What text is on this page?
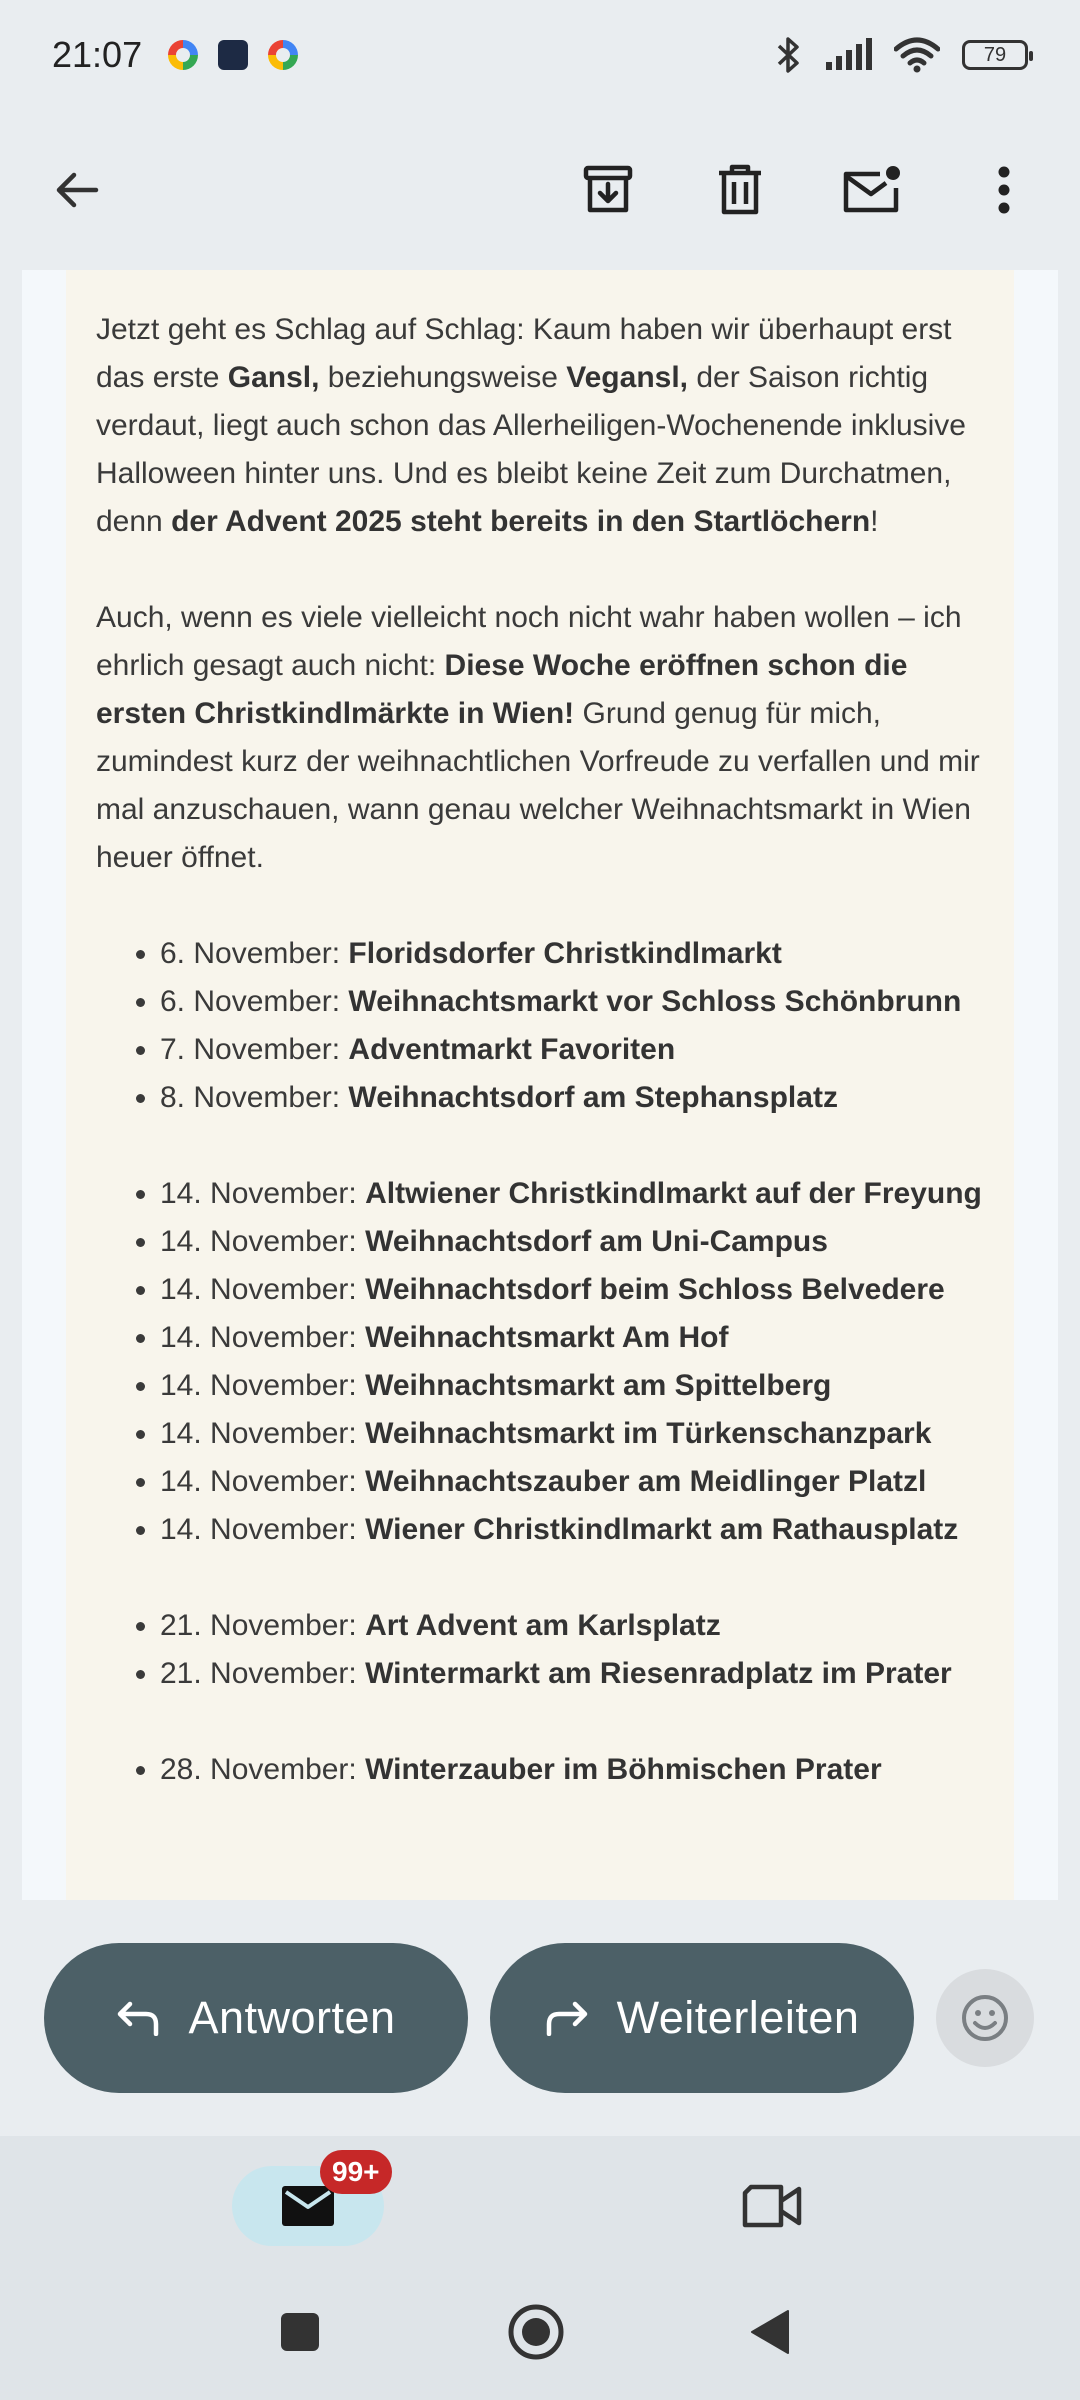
21:07	79

Jetzt geht es Schlag auf Schlag: Kaum haben wir überhaupt erst das erste Gansl, beziehungsweise Vegansl, der Saison richtig verdaut, liegt auch schon das Allerheiligen-Wochenende inklusive Halloween hinter uns. Und es bleibt keine Zeit zum Durchatmen, denn der Advent 2025 steht bereits in den Startlöchern!

Auch, wenn es viele vielleicht noch nicht wahr haben wollen – ich ehrlich gesagt auch nicht: Diese Woche eröffnen schon die ersten Christkindlmärkte in Wien! Grund genug für mich, zumindest kurz der weihnachtlichen Vorfreude zu verfallen und mir mal anzuschauen, wann genau welcher Weihnachtsmarkt in Wien heuer öffnet.

6. November: Floridsdorfer Christkindlmarkt
6. November: Weihnachtsmarkt vor Schloss Schönbrunn
7. November: Adventmarkt Favoriten
8. November: Weihnachtsdorf am Stephansplatz
14. November: Altwiener Christkindlmarkt auf der Freyung
14. November: Weihnachtsdorf am Uni-Campus
14. November: Weihnachtsdorf beim Schloss Belvedere
14. November: Weihnachtsmarkt Am Hof
14. November: Weihnachtsmarkt am Spittelberg
14. November: Weihnachtsmarkt im Türkenschanzpark
14. November: Weihnachtszauber am Meidlinger Platzl
14. November: Wiener Christkindlmarkt am Rathausplatz
21. November: Art Advent am Karlsplatz
21. November: Wintermarkt am Riesenradplatz im Prater
28. November: Winterzauber im Böhmischen Prater
Antworten	Weiterleiten
99+
